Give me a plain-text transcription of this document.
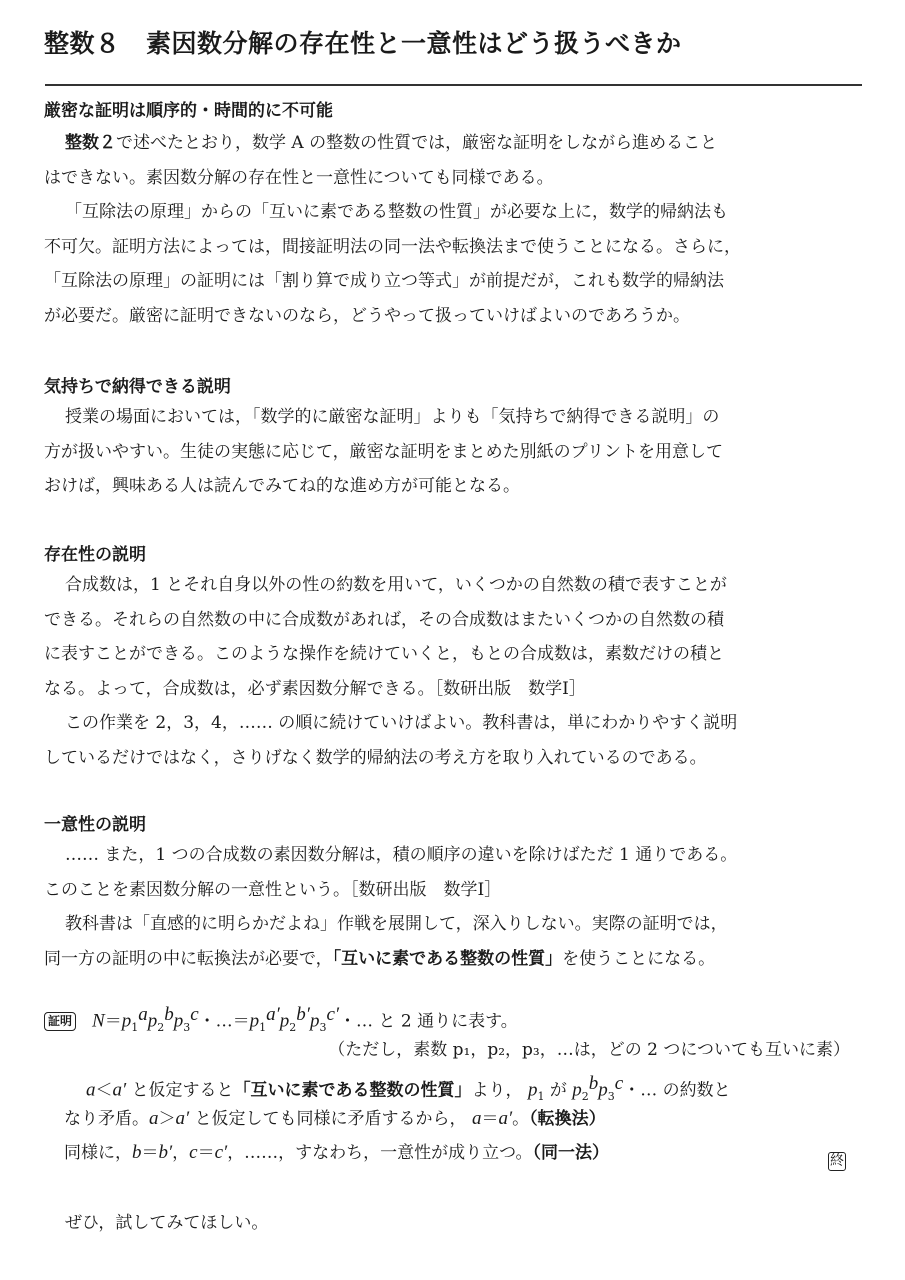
整数８　素因数分解の存在性と一意性はどう扱うべきか
厳密な証明は順序的・時間的に不可能
整数２で述べたとおり，数学 A の整数の性質では，厳密な証明をしながら進めること
はできない。素因数分解の存在性と一意性についても同様である。
「互除法の原理」からの「互いに素である整数の性質」が必要な上に，数学的帰納法も
不可欠。証明方法によっては，間接証明法の同一法や転換法まで使うことになる。さらに，
「互除法の原理」の証明には「割り算で成り立つ等式」が前提だが，これも数学的帰納法
が必要だ。厳密に証明できないのなら，どうやって扱っていけばよいのであろうか。
気持ちで納得できる説明
授業の場面においては，「数学的に厳密な証明」よりも「気持ちで納得できる説明」の
方が扱いやすい。生徒の実態に応じて，厳密な証明をまとめた別紙のプリントを用意して
おけば，興味ある人は読んでみてね的な進め方が可能となる。
存在性の説明
合成数は，1 とそれ自身以外の性の約数を用いて，いくつかの自然数の積で表すことが
できる。それらの自然数の中に合成数があれば，その合成数はまたいくつかの自然数の積
に表すことができる。このような操作を続けていくと，もとの合成数は，素数だけの積と
なる。よって，合成数は，必ず素因数分解できる。［数研出版　数学Ⅰ］
この作業を 2，3，4，…… の順に続けていけばよい。教科書は，単にわかりやすく説明
しているだけではなく，さりげなく数学的帰納法の考え方を取り入れているのである。
一意性の説明
…… また，1 つの合成数の素因数分解は，積の順序の違いを除けばただ 1 通りである。
このことを素因数分解の一意性という。［数研出版　数学Ⅰ］
教科書は「直感的に明らかだよね」作戦を展開して，深入りしない。実際の証明では，
同一方の証明の中に転換法が必要で，「互いに素である整数の性質」を使うことになる。
証明 $N=p_1^ap_2^bp_3^c$・$\dots=p_1^{a'}p_2^{b'}p_3^{c'}$・… と 2 通りに表す。
（ただし，素数 p₁，p₂，p₃，…は，どの 2 つについても互いに素）
a＜a′ と仮定すると「互いに素である整数の性質」より， $p_1$ が $p_2^bp_3^c$・… の約数と
なり矛盾。a＞a′ と仮定しても同様に矛盾するから， a＝a′。（転換法）
同様に，b＝b′，c＝c′，……，すなわち，一意性が成り立つ。（同一法）	終
ぜひ，試してみてほしい。
